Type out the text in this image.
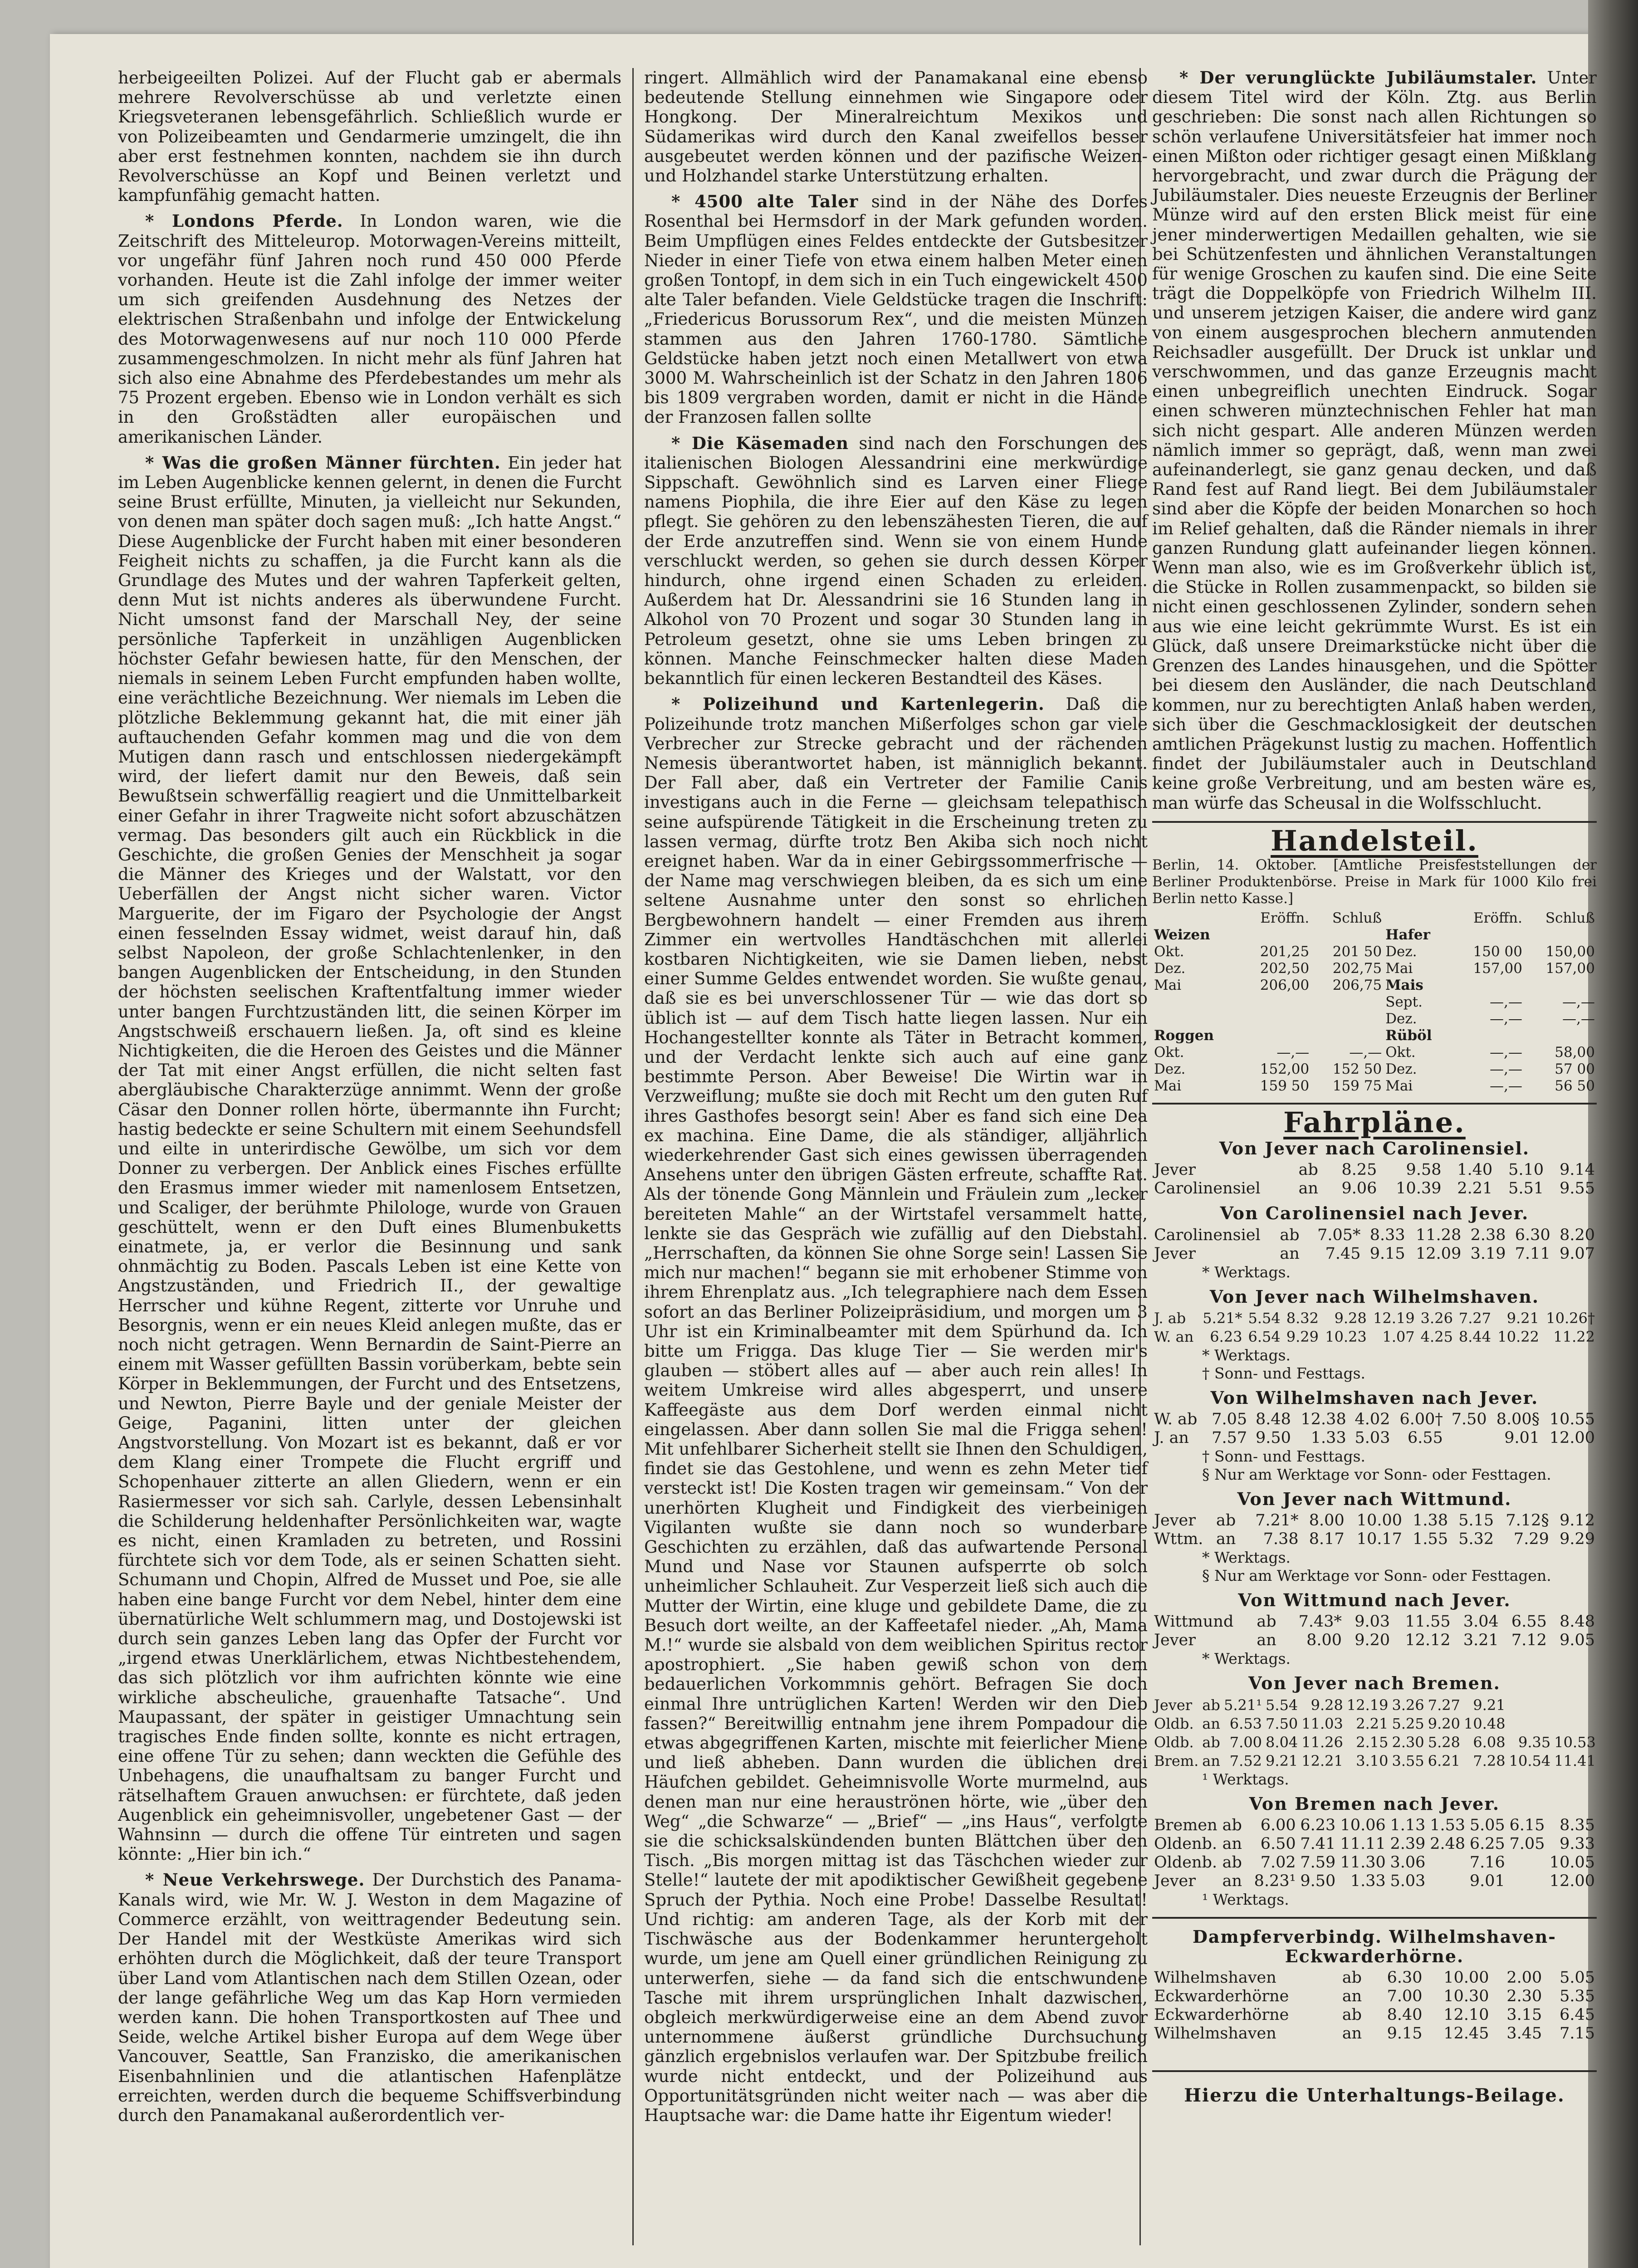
herbeigeeilten Polizei. Auf der Flucht gab er abermals mehrere Revolverschüsse ab und verletzte einen Kriegsveteranen lebensgefährlich. Schließlich wurde er von Polizeibeamten und Gendarmerie umzingelt, die ihn aber erst festnehmen konnten, nachdem sie ihn durch Revolverschüsse an Kopf und Beinen verletzt und kampfunfähig gemacht hatten.

* Londons Pferde. In London waren, wie die Zeitschrift des Mitteleurop. Motorwagen-Vereins mitteilt, vor ungefähr fünf Jahren noch rund 450 000 Pferde vorhanden. Heute ist die Zahl infolge der immer weiter um sich greifenden Ausdehnung des Netzes der elektrischen Straßenbahn und infolge der Entwickelung des Motorwagenwesens auf nur noch 110 000 Pferde zusammengeschmolzen. In nicht mehr als fünf Jahren hat sich also eine Abnahme des Pferdebestandes um mehr als 75 Prozent ergeben. Ebenso wie in London verhält es sich in den Großstädten aller europäischen und amerikanischen Länder.

* Was die großen Männer fürchten. Ein jeder hat im Leben Augenblicke kennen gelernt, in denen die Furcht seine Brust erfüllte, Minuten, ja vielleicht nur Sekunden, von denen man später doch sagen muß: „Ich hatte Angst.“ Diese Augenblicke der Furcht haben mit einer besonderen Feigheit nichts zu schaffen, ja die Furcht kann als die Grundlage des Mutes und der wahren Tapferkeit gelten, denn Mut ist nichts anderes als überwundene Furcht. Nicht umsonst fand der Marschall Ney, der seine persönliche Tapferkeit in unzähligen Augenblicken höchster Gefahr bewiesen hatte, für den Menschen, der niemals in seinem Leben Furcht empfunden haben wollte, eine verächtliche Bezeichnung. Wer niemals im Leben die plötzliche Beklemmung gekannt hat, die mit einer jäh auftauchenden Gefahr kommen mag und die von dem Mutigen dann rasch und entschlossen niedergekämpft wird, der liefert damit nur den Beweis, daß sein Bewußtsein schwerfällig reagiert und die Unmittelbarkeit einer Gefahr in ihrer Tragweite nicht sofort abzuschätzen vermag. Das besonders gilt auch ein Rückblick in die Geschichte, die großen Genies der Menschheit ja sogar die Männer des Krieges und der Walstatt, vor den Ueberfällen der Angst nicht sicher waren. Victor Marguerite, der im Figaro der Psychologie der Angst einen fesselnden Essay widmet, weist darauf hin, daß selbst Napoleon, der große Schlachtenlenker, in den bangen Augenblicken der Entscheidung, in den Stunden der höchsten seelischen Kraftentfaltung immer wieder unter bangen Furchtzuständen litt, die seinen Körper im Angstschweiß erschauern ließen. Ja, oft sind es kleine Nichtigkeiten, die die Heroen des Geistes und die Männer der Tat mit einer Angst erfüllen, die nicht selten fast abergläubische Charakterzüge annimmt. Wenn der große Cäsar den Donner rollen hörte, übermannte ihn Furcht; hastig bedeckte er seine Schultern mit einem Seehundsfell und eilte in unterirdische Gewölbe, um sich vor dem Donner zu verbergen. Der Anblick eines Fisches erfüllte den Erasmus immer wieder mit namenlosem Entsetzen, und Scaliger, der berühmte Philologe, wurde von Grauen geschüttelt, wenn er den Duft eines Blumenbuketts einatmete, ja, er verlor die Besinnung und sank ohnmächtig zu Boden. Pascals Leben ist eine Kette von Angstzuständen, und Friedrich II., der gewaltige Herrscher und kühne Regent, zitterte vor Unruhe und Besorgnis, wenn er ein neues Kleid anlegen mußte, das er noch nicht getragen. Wenn Bernardin de Saint-Pierre an einem mit Wasser gefüllten Bassin vorüberkam, bebte sein Körper in Beklemmungen, der Furcht und des Entsetzens, und Newton, Pierre Bayle und der geniale Meister der Geige, Paganini, litten unter der gleichen Angstvorstellung. Von Mozart ist es bekannt, daß er vor dem Klang einer Trompete die Flucht ergriff und Schopenhauer zitterte an allen Gliedern, wenn er ein Rasiermesser vor sich sah. Carlyle, dessen Lebensinhalt die Schilderung heldenhafter Persönlichkeiten war, wagte es nicht, einen Kramladen zu betreten, und Rossini fürchtete sich vor dem Tode, als er seinen Schatten sieht. Schumann und Chopin, Alfred de Musset und Poe, sie alle haben eine bange Furcht vor dem Nebel, hinter dem eine übernatürliche Welt schlummern mag, und Dostojewski ist durch sein ganzes Leben lang das Opfer der Furcht vor „irgend etwas Unerklärlichem, etwas Nichtbestehendem, das sich plötzlich vor ihm aufrichten könnte wie eine wirkliche abscheuliche, grauenhafte Tatsache“. Und Maupassant, der später in geistiger Umnachtung sein tragisches Ende finden sollte, konnte es nicht ertragen, eine offene Tür zu sehen; dann weckten die Gefühle des Unbehagens, die unaufhaltsam zu banger Furcht und rätselhaftem Grauen anwuchsen: er fürchtete, daß jeden Augenblick ein geheimnisvoller, ungebetener Gast — der Wahnsinn — durch die offene Tür eintreten und sagen könnte: „Hier bin ich.“

* Neue Verkehrswege. Der Durchstich des Panama-Kanals wird, wie Mr. W. J. Weston in dem Magazine of Commerce erzählt, von weittragender Bedeutung sein. Der Handel mit der Westküste Amerikas wird sich erhöhten durch die Möglichkeit, daß der teure Transport über Land vom Atlantischen nach dem Stillen Ozean, oder der lange gefährliche Weg um das Kap Horn vermieden werden kann. Die hohen Transportkosten auf Thee und Seide, welche Artikel bisher Europa auf dem Wege über Vancouver, Seattle, San Franzisko, die amerikanischen Eisenbahnlinien und die atlantischen Hafenplätze erreichten, werden durch die bequeme Schiffsverbindung durch den Panamakanal außerordentlich ver-

ringert. Allmählich wird der Panamakanal eine ebenso bedeutende Stellung einnehmen wie Singapore oder Hongkong. Der Mineralreichtum Mexikos und Südamerikas wird durch den Kanal zweifellos besser ausgebeutet werden können und der pazifische Weizen- und Holzhandel starke Unterstützung erhalten.

* 4500 alte Taler sind in der Nähe des Dorfes Rosenthal bei Hermsdorf in der Mark gefunden worden. Beim Umpflügen eines Feldes entdeckte der Gutsbesitzer Nieder in einer Tiefe von etwa einem halben Meter einen großen Tontopf, in dem sich in ein Tuch eingewickelt 4500 alte Taler befanden. Viele Geldstücke tragen die Inschrift: „Friedericus Borussorum Rex“, und die meisten Münzen stammen aus den Jahren 1760-1780. Sämtliche Geldstücke haben jetzt noch einen Metallwert von etwa 3000 M. Wahrscheinlich ist der Schatz in den Jahren 1806 bis 1809 vergraben worden, damit er nicht in die Hände der Franzosen fallen sollte

* Die Käsemaden sind nach den Forschungen des italienischen Biologen Alessandrini eine merkwürdige Sippschaft. Gewöhnlich sind es Larven einer Fliege namens Piophila, die ihre Eier auf den Käse zu legen pflegt. Sie gehören zu den lebenszähesten Tieren, die auf der Erde anzutreffen sind. Wenn sie von einem Hunde verschluckt werden, so gehen sie durch dessen Körper hindurch, ohne irgend einen Schaden zu erleiden. Außerdem hat Dr. Alessandrini sie 16 Stunden lang in Alkohol von 70 Prozent und sogar 30 Stunden lang in Petroleum gesetzt, ohne sie ums Leben bringen zu können. Manche Feinschmecker halten diese Maden bekanntlich für einen leckeren Bestandteil des Käses.

* Polizeihund und Kartenlegerin. Daß die Polizeihunde trotz manchen Mißerfolges schon gar viele Verbrecher zur Strecke gebracht und der rächenden Nemesis überantwortet haben, ist männiglich bekannt. Der Fall aber, daß ein Vertreter der Familie Canis investigans auch in die Ferne — gleichsam telepathisch seine aufspürende Tätigkeit in die Erscheinung treten zu lassen vermag, dürfte trotz Ben Akiba sich noch nicht ereignet haben. War da in einer Gebirgssommerfrische — der Name mag verschwiegen bleiben, da es sich um eine seltene Ausnahme unter den sonst so ehrlichen Bergbewohnern handelt — einer Fremden aus ihrem Zimmer ein wertvolles Handtäschchen mit allerlei kostbaren Nichtigkeiten, wie sie Damen lieben, nebst einer Summe Geldes entwendet worden. Sie wußte genau, daß sie es bei unverschlossener Tür — wie das dort so üblich ist — auf dem Tisch hatte liegen lassen. Nur ein Hochangestellter konnte als Täter in Betracht kommen, und der Verdacht lenkte sich auch auf eine ganz bestimmte Person. Aber Beweise! Die Wirtin war in Verzweiflung; mußte sie doch mit Recht um den guten Ruf ihres Gasthofes besorgt sein! Aber es fand sich eine Dea ex machina. Eine Dame, die als ständiger, alljährlich wiederkehrender Gast sich eines gewissen überragenden Ansehens unter den übrigen Gästen erfreute, schaffte Rat. Als der tönende Gong Männlein und Fräulein zum „lecker bereiteten Mahle“ an der Wirtstafel versammelt hatte, lenkte sie das Gespräch wie zufällig auf den Diebstahl. „Herrschaften, da können Sie ohne Sorge sein! Lassen Sie mich nur machen!“ begann sie mit erhobener Stimme von ihrem Ehrenplatz aus. „Ich telegraphiere nach dem Essen sofort an das Berliner Polizeipräsidium, und morgen um 3 Uhr ist ein Kriminalbeamter mit dem Spürhund da. Ich bitte um Frigga. Das kluge Tier — Sie werden mir's glauben — stöbert alles auf — aber auch rein alles! In weitem Umkreise wird alles abgesperrt, und unsere Kaffeegäste aus dem Dorf werden einmal nicht eingelassen. Aber dann sollen Sie mal die Frigga sehen! Mit unfehlbarer Sicherheit stellt sie Ihnen den Schuldigen, findet sie das Gestohlene, und wenn es zehn Meter tief versteckt ist! Die Kosten tragen wir gemeinsam.“ Von der unerhörten Klugheit und Findigkeit des vierbeinigen Vigilanten wußte sie dann noch so wunderbare Geschichten zu erzählen, daß das aufwartende Personal Mund und Nase vor Staunen aufsperrte ob solch unheimlicher Schlauheit. Zur Vesperzeit ließ sich auch die Mutter der Wirtin, eine kluge und gebildete Dame, die zu Besuch dort weilte, an der Kaffeetafel nieder. „Ah, Mama M.!“ wurde sie alsbald von dem weiblichen Spiritus rector apostrophiert. „Sie haben gewiß schon von dem bedauerlichen Vorkommnis gehört. Befragen Sie doch einmal Ihre untrüglichen Karten! Werden wir den Dieb fassen?“ Bereitwillig entnahm jene ihrem Pompadour die etwas abgegriffenen Karten, mischte mit feierlicher Miene und ließ abheben. Dann wurden die üblichen drei Häufchen gebildet. Geheimnisvolle Worte murmelnd, aus denen man nur eine herauströnen hörte, wie „über den Weg“ „die Schwarze“ — „Brief“ — „ins Haus“, verfolgte sie die schicksalskündenden bunten Blättchen über den Tisch. „Bis morgen mittag ist das Täschchen wieder zur Stelle!“ lautete der mit apodiktischer Gewißheit gegebene Spruch der Pythia. Noch eine Probe! Dasselbe Resultat! Und richtig: am anderen Tage, als der Korb mit der Tischwäsche aus der Bodenkammer heruntergeholt wurde, um jene am Quell einer gründlichen Reinigung zu unterwerfen, siehe — da fand sich die entschwundene Tasche mit ihrem ursprünglichen Inhalt dazwischen, obgleich merkwürdigerweise eine an dem Abend zuvor unternommene äußerst gründliche Durchsuchung gänzlich ergebnislos verlaufen war. Der Spitzbube freilich wurde nicht entdeckt, und der Polizeihund aus Opportunitätsgründen nicht weiter nach — was aber die Hauptsache war: die Dame hatte ihr Eigentum wieder!

* Der verunglückte Jubiläumstaler. Unter diesem Titel wird der Köln. Ztg. aus Berlin geschrieben: Die sonst nach allen Richtungen so schön verlaufene Universitätsfeier hat immer noch einen Mißton oder richtiger gesagt einen Mißklang hervorgebracht, und zwar durch die Prägung der Jubiläumstaler. Dies neueste Erzeugnis der Berliner Münze wird auf den ersten Blick meist für eine jener minderwertigen Medaillen gehalten, wie sie bei Schützenfesten und ähnlichen Veranstaltungen für wenige Groschen zu kaufen sind. Die eine Seite trägt die Doppelköpfe von Friedrich Wilhelm III. und unserem jetzigen Kaiser, die andere wird ganz von einem ausgesprochen blechern anmutenden Reichsadler ausgefüllt. Der Druck ist unklar und verschwommen, und das ganze Erzeugnis macht einen unbegreiflich unechten Eindruck. Sogar einen schweren münztechnischen Fehler hat man sich nicht gespart. Alle anderen Münzen werden nämlich immer so geprägt, daß, wenn man zwei aufeinanderlegt, sie ganz genau decken, und daß Rand fest auf Rand liegt. Bei dem Jubiläumstaler sind aber die Köpfe der beiden Monarchen so hoch im Relief gehalten, daß die Ränder niemals in ihrer ganzen Rundung glatt aufeinander liegen können. Wenn man also, wie es im Großverkehr üblich ist, die Stücke in Rollen zusammenpackt, so bilden sie nicht einen geschlossenen Zylinder, sondern sehen aus wie eine leicht gekrümmte Wurst. Es ist ein Glück, daß unsere Dreimarkstücke nicht über die Grenzen des Landes hinausgehen, und die Spötter bei diesem den Ausländer, die nach Deutschland kommen, nur zu berechtigten Anlaß haben werden, sich über die Geschmacklosigkeit der deutschen amtlichen Prägekunst lustig zu machen. Hoffentlich findet der Jubiläumstaler auch in Deutschland keine große Verbreitung, und am besten wäre es, man würfe das Scheusal in die Wolfsschlucht.

Handelsteil.
Berlin, 14. Oktober. [Amtliche Preisfeststellungen der Berliner Produktenbörse. Preise in Mark für 1000 Kilo frei Berlin netto Kasse.]
	Eröffn.	Schluß		Eröffn.	Schluß
Weizen			Hafer		
Okt.	201,25	201 50	Dez.	150 00	150,00
Dez.	202,50	202,75	Mai	157,00	157,00
Mai	206,00	206,75	Mais		
			Sept.	—,—	—,—
			Dez.	—,—	—,—
Roggen			Rüböl		
Okt.	—,—	—,—	Okt.	—,—	58,00
Dez.	152,00	152 50	Dez.	—,—	57 00
Mai	159 50	159 75	Mai	—,—	56 50
Fahrpläne.
Von Jever nach Carolinensiel.
Jever	ab	8.25	9.58	1.40	5.10	9.14
Carolinensiel	an	9.06	10.39	2.21	5.51	9.55
Von Carolinensiel nach Jever.
Carolinensiel	ab	7.05*	8.33	11.28	2.38	6.30	8.20
Jever	an	7.45	9.15	12.09	3.19	7.11	9.07
* Werktags.
Von Jever nach Wilhelmshaven.
J. ab	5.21*	5.54	8.32	9.28	12.19	3.26	7.27	9.21	10.26†
W. an	6.23	6.54	9.29	10.23	1.07	4.25	8.44	10.22	11.22
* Werktags.
† Sonn- und Festtags.
Von Wilhelmshaven nach Jever.
W. ab	7.05	8.48	12.38	4.02	6.00†	7.50	8.00§	10.55
J. an	7.57	9.50	1.33	5.03	6.55		9.01	12.00
† Sonn- und Festtags.
§ Nur am Werktage vor Sonn- oder Festtagen.
Von Jever nach Wittmund.
Jever	ab	7.21*	8.00	10.00	1.38	5.15	7.12§	9.12
Wttm.	an	7.38	8.17	10.17	1.55	5.32	7.29	9.29
* Werktags.
§ Nur am Werktage vor Sonn- oder Festtagen.
Von Wittmund nach Jever.
Wittmund	ab	7.43*	9.03	11.55	3.04	6.55	8.48
Jever	an	8.00	9.20	12.12	3.21	7.12	9.05
* Werktags.
Von Jever nach Bremen.
Jever	ab	5.21¹	5.54	9.28	12.19	3.26	7.27	9.21		
Oldb.	an	6.53	7.50	11.03	2.21	5.25	9.20	10.48		
Oldb.	ab	7.00	8.04	11.26	2.15	2.30	5.28	6.08	9.35	10.53
Brem.	an	7.52	9.21	12.21	3.10	3.55	6.21	7.28	10.54	11.41
¹ Werktags.
Von Bremen nach Jever.
Bremen	ab	6.00	6.23	10.06	1.13	1.53	5.05	6.15	8.35
Oldenb.	an	6.50	7.41	11.11	2.39	2.48	6.25	7.05	9.33
Oldenb.	ab	7.02	7.59	11.30	3.06		7.16		10.05
Jever	an	8.23¹	9.50	1.33	5.03		9.01		12.00
¹ Werktags.
Dampferverbindg. Wilhelmshaven-Eckwarderhörne.
Wilhelmshaven	ab	6.30	10.00	2.00	5.05
Eckwarderhörne	an	7.00	10.30	2.30	5.35
Eckwarderhörne	ab	8.40	12.10	3.15	6.45
Wilhelmshaven	an	9.15	12.45	3.45	7.15
Hierzu die Unterhaltungs-Beilage.
